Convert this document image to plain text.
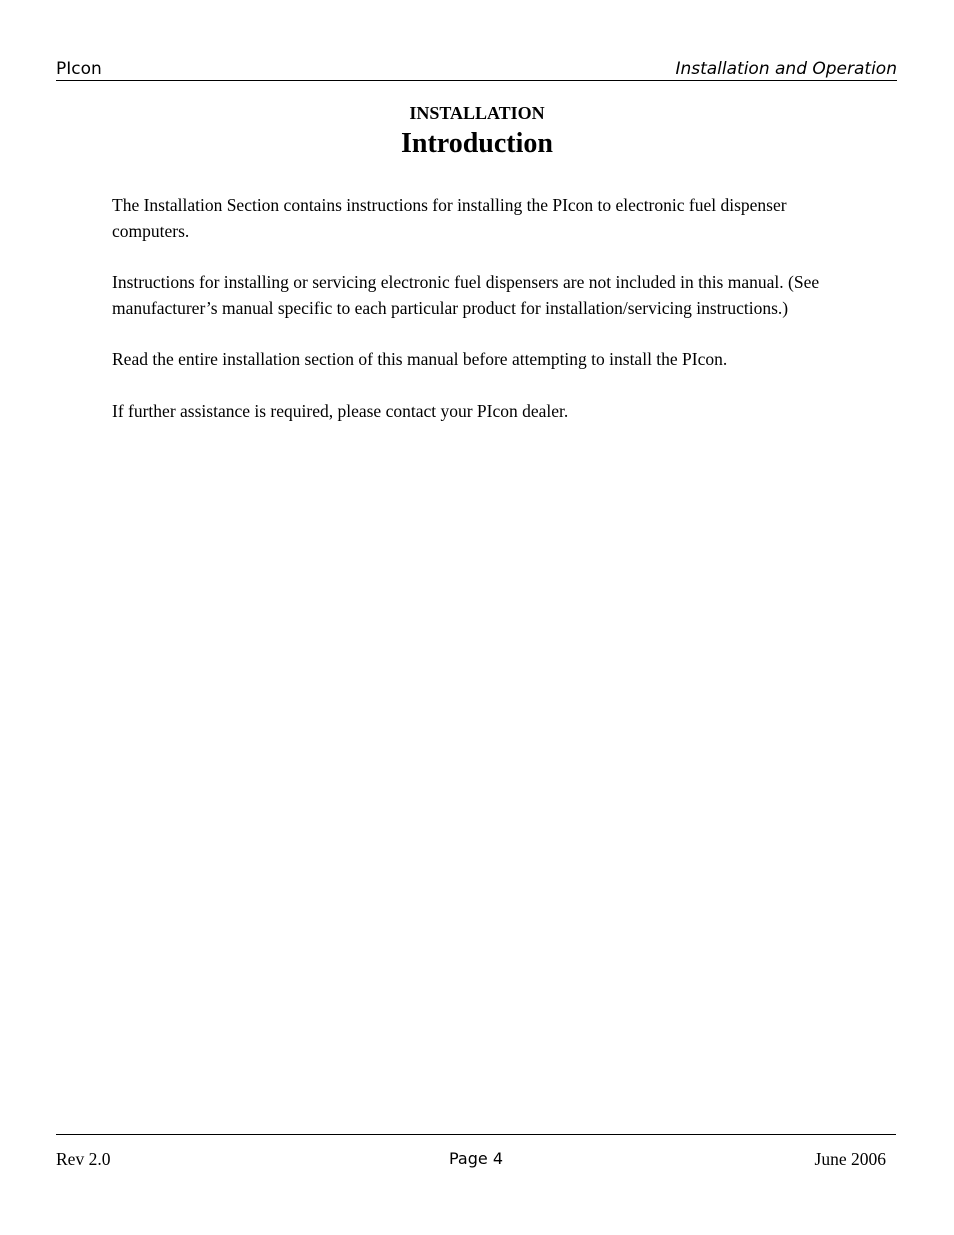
PIcon	Installation and Operation
INSTALLATION
Introduction

The Installation Section contains instructions for installing the PIcon to electronic fuel dispenser computers.

Instructions for installing or servicing electronic fuel dispensers are not included in this manual. (See manufacturer’s manual specific to each particular product for installation/servicing instructions.)

Read the entire installation section of this manual before attempting to install the PIcon.

If further assistance is required, please contact your PIcon dealer.

Rev 2.0	Page 4	June 2006
